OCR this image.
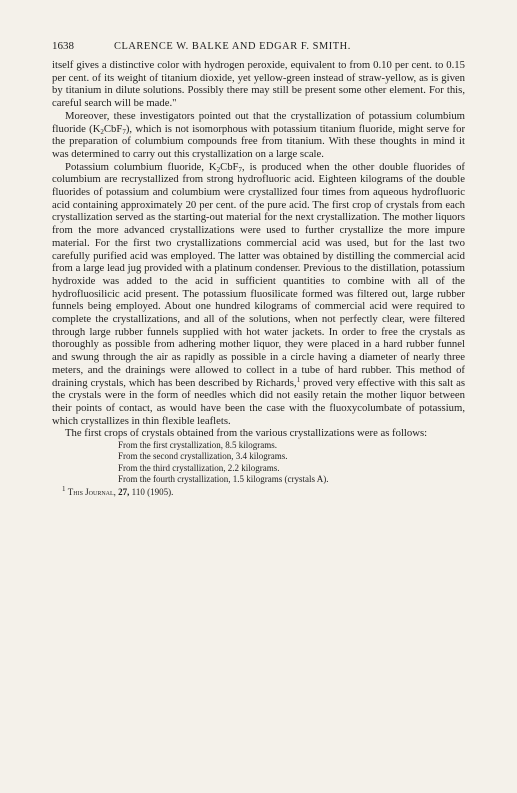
1638	CLARENCE W. BALKE AND EDGAR F. SMITH.

itself gives a distinctive color with hydrogen peroxide, equivalent to from 0.10 per cent. to 0.15 per cent. of its weight of titanium dioxide, yet yellow-green instead of straw-yellow, as is given by titanium in dilute solutions. Possibly there may still be present some other element. For this, careful search will be made."

Moreover, these investigators pointed out that the crystallization of potassium columbium fluoride $(K_2CbF_7)$, which is not isomorphous with potassium titanium fluoride, might serve for the preparation of columbium compounds free from titanium. With these thoughts in mind it was determined to carry out this crystallization on a large scale.

Potassium columbium fluoride, $K_2CbF_7$, is produced when the other double fluorides of columbium are recrystallized from strong hydrofluoric acid. Eighteen kilograms of the double fluorides of potassium and columbium were crystallized four times from aqueous hydrofluoric acid containing approximately 20 per cent. of the pure acid. The first crop of crystals from each crystallization served as the starting-out material for the next crystallization. The mother liquors from the more advanced crystallizations were used to further crystallize the more impure material. For the first two crystallizations commercial acid was used, but for the last two carefully purified acid was employed. The latter was obtained by distilling the commercial acid from a large lead jug provided with a platinum condenser. Previous to the distillation, potassium hydroxide was added to the acid in sufficient quantities to combine with all of the hydrofluosilicic acid present. The potassium fluosilicate formed was filtered out, large rubber funnels being employed. About one hundred kilograms of commercial acid were required to complete the crystallizations, and all of the solutions, when not perfectly clear, were filtered through large rubber funnels supplied with hot water jackets. In order to free the crystals as thoroughly as possible from adhering mother liquor, they were placed in a hard rubber funnel and swung through the air as rapidly as possible in a circle having a diameter of nearly three meters, and the drainings were allowed to collect in a tube of hard rubber. This method of draining crystals, which has been described by Richards,$^1$ proved very effective with this salt as the crystals were in the form of needles which did not easily retain the mother liquor between their points of contact, as would have been the case with the fluoxycolumbate of potassium, which crystallizes in thin flexible leaflets.

The first crops of crystals obtained from the various crystallizations were as follows:

From the first crystallization, 8.5 kilograms.
From the second crystallization, 3.4 kilograms.
From the third crystallization, 2.2 kilograms.
From the fourth crystallization, 1.5 kilograms (crystals A).

$^1$ This Journal, 27, 110 (1905).
